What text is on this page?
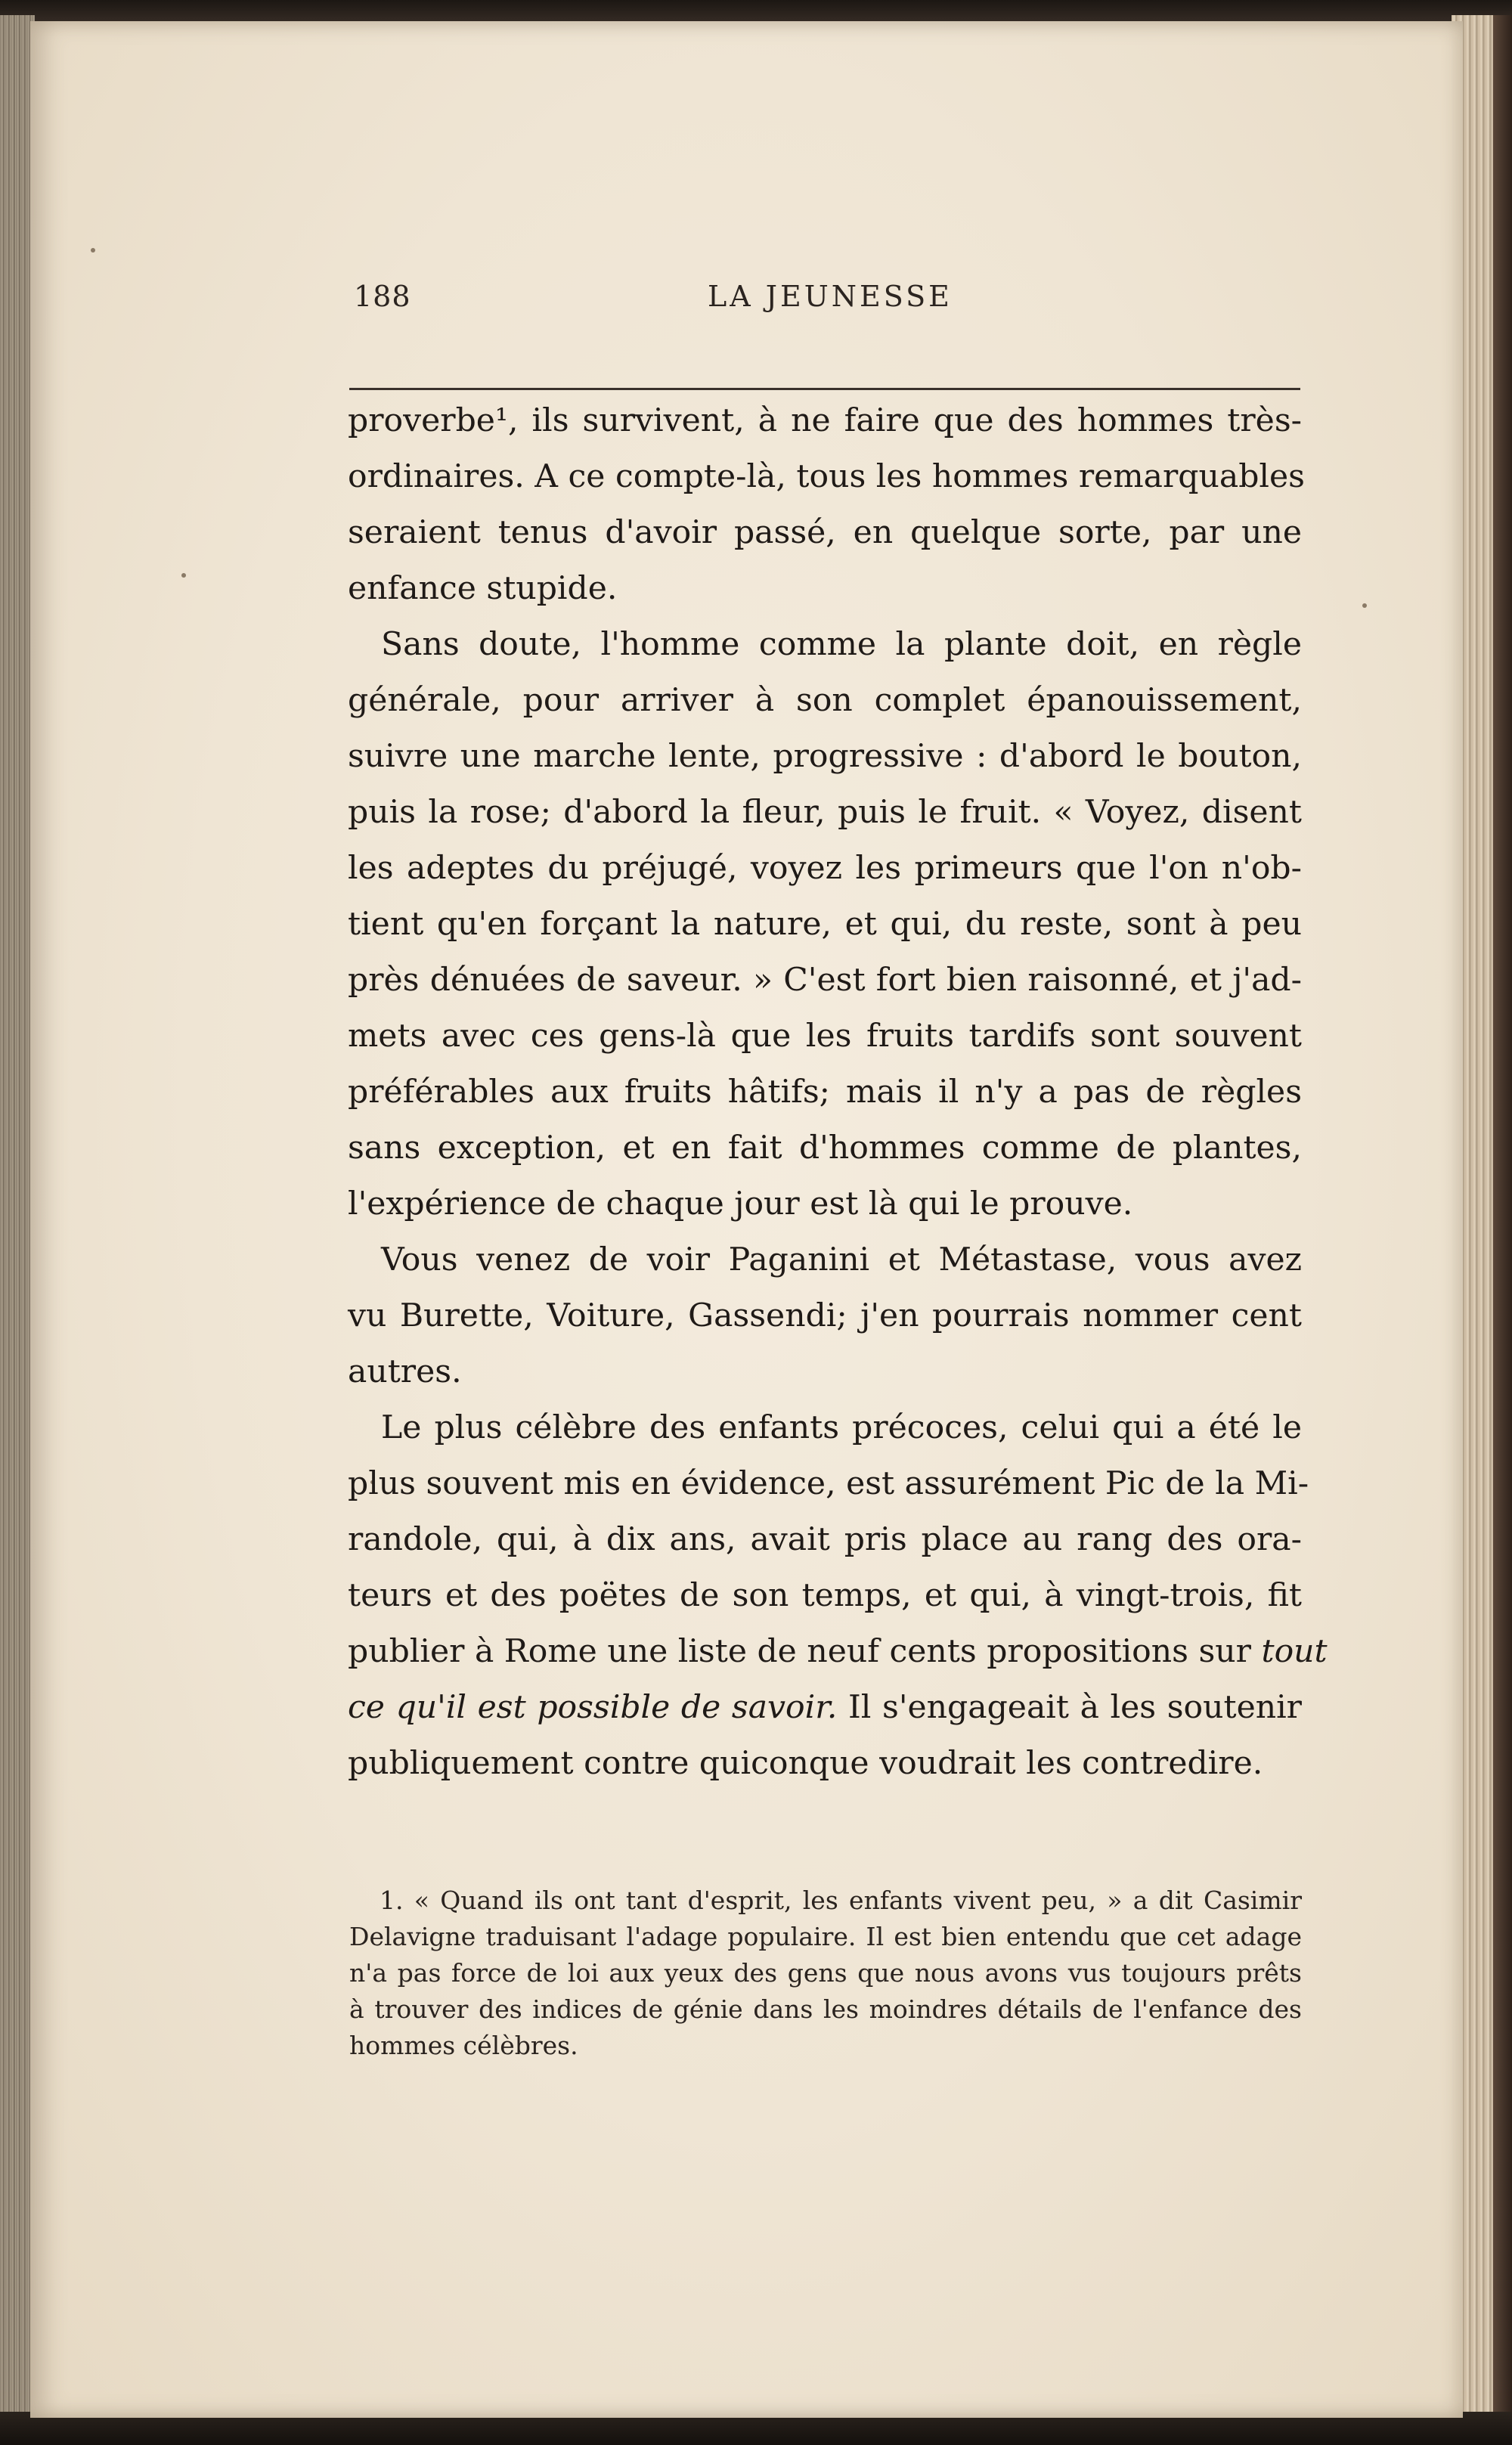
188	LA JEUNESSE
proverbe¹, ils survivent, à ne faire que des hommes très-
ordinaires. A ce compte-là, tous les hommes remarquables
seraient tenus d'avoir passé, en quelque sorte, par une
enfance stupide.
Sans doute, l'homme comme la plante doit, en règle
générale, pour arriver à son complet épanouissement,
suivre une marche lente, progressive : d'abord le bouton,
puis la rose; d'abord la fleur, puis le fruit. « Voyez, disent
les adeptes du préjugé, voyez les primeurs que l'on n'ob-
tient qu'en forçant la nature, et qui, du reste, sont à peu
près dénuées de saveur. » C'est fort bien raisonné, et j'ad-
mets avec ces gens-là que les fruits tardifs sont souvent
préférables aux fruits hâtifs; mais il n'y a pas de règles
sans exception, et en fait d'hommes comme de plantes,
l'expérience de chaque jour est là qui le prouve.
Vous venez de voir Paganini et Métastase, vous avez
vu Burette, Voiture, Gassendi; j'en pourrais nommer cent
autres.
Le plus célèbre des enfants précoces, celui qui a été le
plus souvent mis en évidence, est assurément Pic de la Mi-
randole, qui, à dix ans, avait pris place au rang des ora-
teurs et des poëtes de son temps, et qui, à vingt-trois, fit
publier à Rome une liste de neuf cents propositions sur tout
ce qu'il est possible de savoir. Il s'engageait à les soutenir
publiquement contre quiconque voudrait les contredire.
1. « Quand ils ont tant d'esprit, les enfants vivent peu, » a dit Casimir
Delavigne traduisant l'adage populaire. Il est bien entendu que cet adage
n'a pas force de loi aux yeux des gens que nous avons vus toujours prêts
à trouver des indices de génie dans les moindres détails de l'enfance des
hommes célèbres.
